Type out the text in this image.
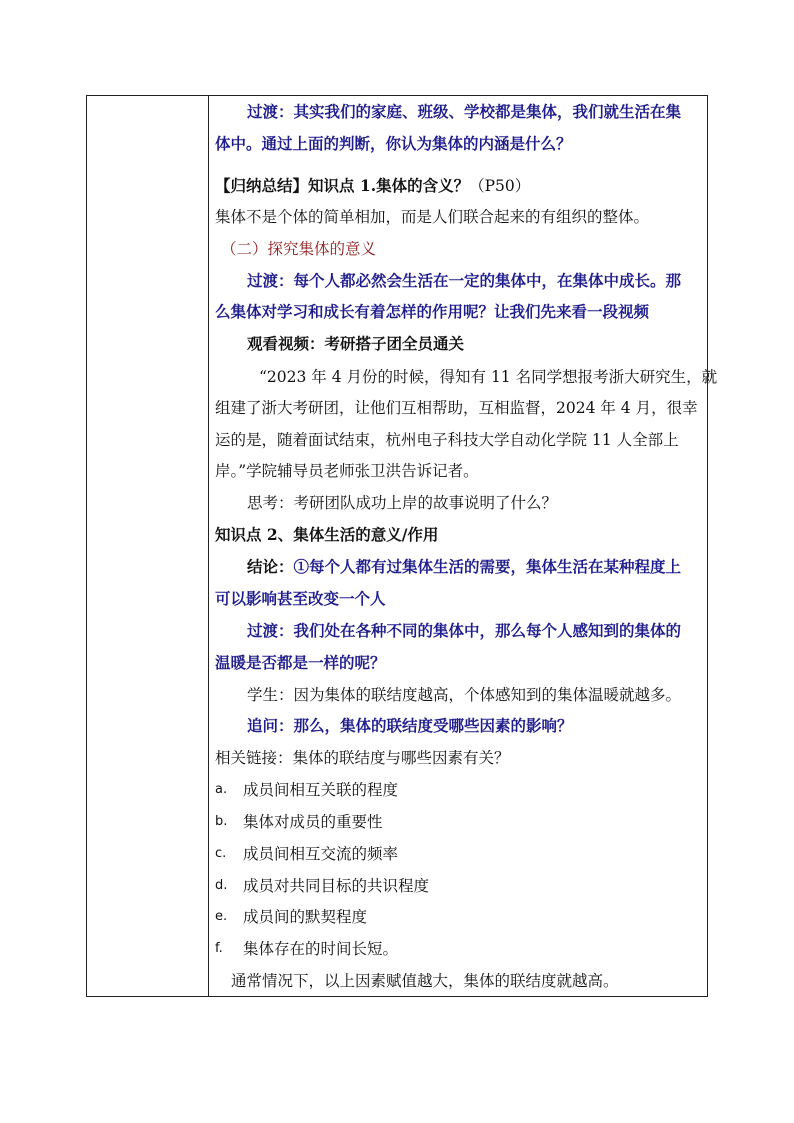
过渡：其实我们的家庭、班级、学校都是集体，我们就生活在集
体中。通过上面的判断，你认为集体的内涵是什么？
【归纳总结】知识点 1.集体的含义？（P50）
集体不是个体的简单相加，而是人们联合起来的有组织的整体。
（二）探究集体的意义
过渡：每个人都必然会生活在一定的集体中，在集体中成长。那
么集体对学习和成长有着怎样的作用呢？让我们先来看一段视频
观看视频：考研搭子团全员通关
“2023 年 4 月份的时候，得知有 11 名同学想报考浙大研究生，就
组建了浙大考研团，让他们互相帮助，互相监督，2024 年 4 月，很幸
运的是，随着面试结束，杭州电子科技大学自动化学院 11 人全部上
岸。”学院辅导员老师张卫洪告诉记者。
思考：考研团队成功上岸的故事说明了什么？
知识点 2、集体生活的意义/作用
结论：①每个人都有过集体生活的需要，集体生活在某种程度上
可以影响甚至改变一个人
过渡：我们处在各种不同的集体中，那么每个人感知到的集体的
温暖是否都是一样的呢？
学生：因为集体的联结度越高，个体感知到的集体温暖就越多。
追问：那么，集体的联结度受哪些因素的影响？
相关链接：集体的联结度与哪些因素有关？
a. 成员间相互关联的程度
b. 集体对成员的重要性
c. 成员间相互交流的频率
d. 成员对共同目标的共识程度
e. 成员间的默契程度
f. 集体存在的时间长短。
通常情况下，以上因素赋值越大，集体的联结度就越高。
